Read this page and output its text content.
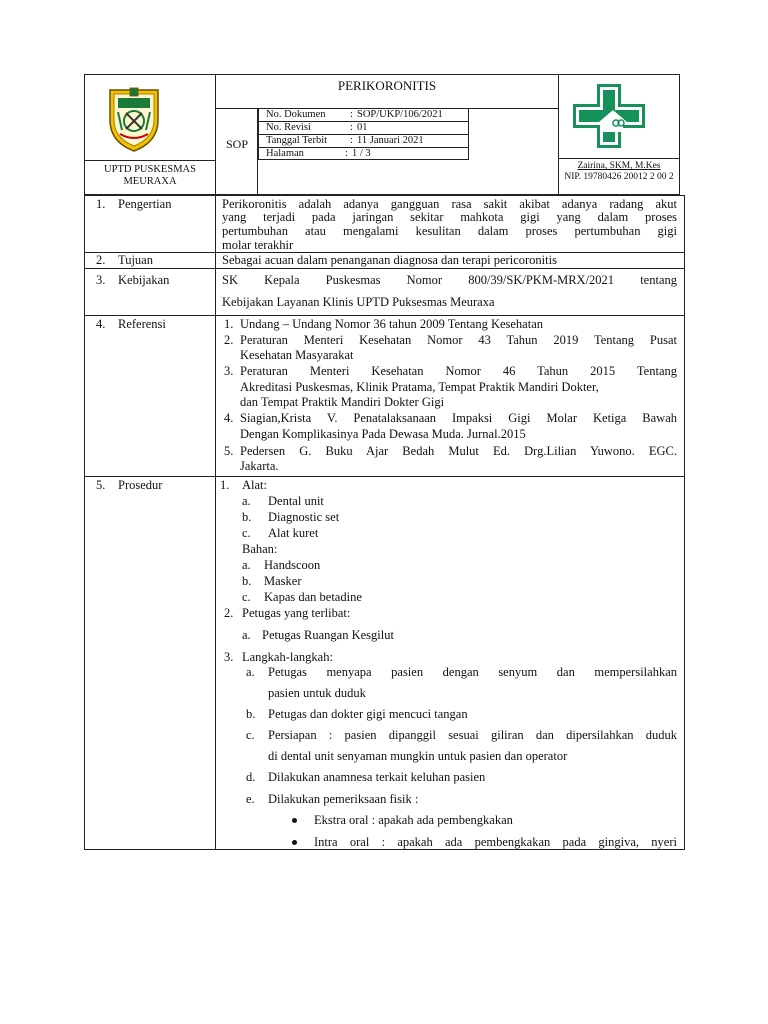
UPTD PUSKESMAS
MEURAXA
PERIKORONITIS
SOP
No. Dokumen : SOP/UKP/106/2021
No. Revisi	: 01
Tanggal Terbit : 11 Januari 2021
Halaman	: 1 / 3
Zairina, SKM, M.Kes
NIP. 19780426 20012 2 00 2
1. Pengertian	Perikoronitis adalah adanya gangguan rasa sakit akibat adanya radang akut
yang terjadi pada jaringan sekitar mahkota gigi yang dalam proses
pertumbuhan atau mengalami kesulitan dalam proses pertumbuhan gigi
molar terakhir
2. Tujuan	Sebagai acuan dalam penanganan diagnosa dan terapi pericoronitis
3. Kebijakan	SK Kepala Puskesmas Nomor 800/39/SK/PKM-MRX/2021 tentang
Kebijakan Layanan Klinis UPTD Puksesmas Meuraxa
4. Referensi	1. Undang – Undang Nomor 36 tahun 2009 Tentang Kesehatan
2. Peraturan Menteri Kesehatan Nomor 43 Tahun 2019 Tentang Pusat
Kesehatan Masyarakat
3. Peraturan Menteri Kesehatan Nomor 46 Tahun 2015 Tentang
Akreditasi Puskesmas, Klinik Pratama, Tempat Praktik Mandiri Dokter,
dan Tempat Praktik Mandiri Dokter Gigi
4. Siagian,Krista V. Penatalaksanaan Impaksi Gigi Molar Ketiga Bawah
Dengan Komplikasinya Pada Dewasa Muda. Jurnal.2015
5. Pedersen G. Buku Ajar Bedah Mulut Ed. Drg.Lilian Yuwono. EGC.
Jakarta.
5. Prosedur	1. Alat:
a. Dental unit
b. Diagnostic set
c. Alat kuret
Bahan:
a. Handscoon
b. Masker
c. Kapas dan betadine
2. Petugas yang terlibat:
a. Petugas Ruangan Kesgilut
3. Langkah-langkah:
a. Petugas menyapa pasien dengan senyum dan mempersilahkan
pasien untuk duduk
b. Petugas dan dokter gigi mencuci tangan
c. Persiapan : pasien dipanggil sesuai giliran dan dipersilahkan duduk
di dental unit senyaman mungkin untuk pasien dan operator
d. Dilakukan anamnesa terkait keluhan pasien
e. Dilakukan pemeriksaan fisik :
Ekstra oral : apakah ada pembengkakan
Intra oral : apakah ada pembengkakan pada gingiva, nyeri
